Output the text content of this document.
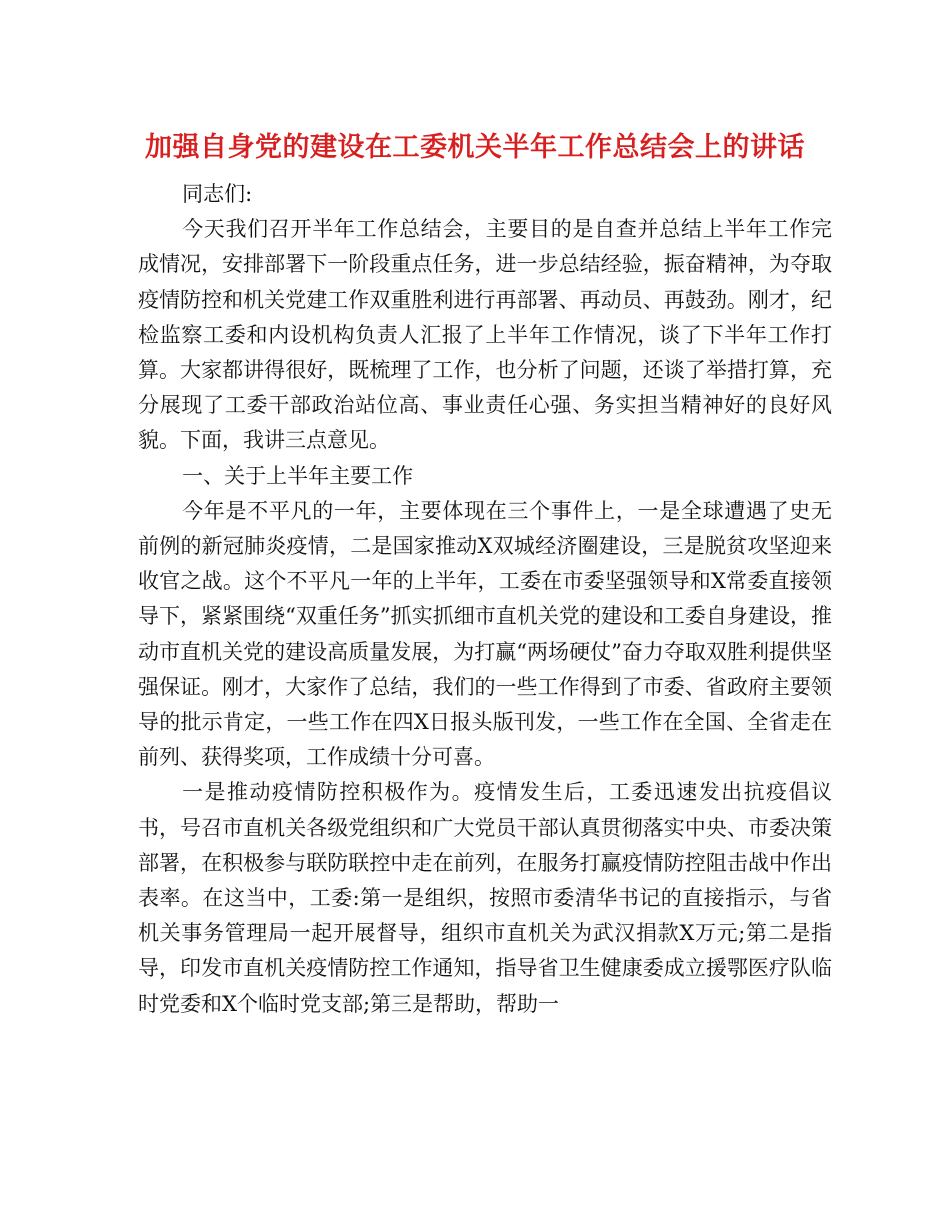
加强自身党的建设在工委机关半年工作总结会上的讲话

同志们:

今天我们召开半年工作总结会，主要目的是自查并总结上半年工作完成情况，安排部署下一阶段重点任务，进一步总结经验，振奋精神，为夺取疫情防控和机关党建工作双重胜利进行再部署、再动员、再鼓劲。刚才，纪检监察工委和内设机构负责人汇报了上半年工作情况，谈了下半年工作打算。大家都讲得很好，既梳理了工作，也分析了问题，还谈了举措打算，充分展现了工委干部政治站位高、事业责任心强、务实担当精神好的良好风貌。下面，我讲三点意见。

一、关于上半年主要工作

今年是不平凡的一年，主要体现在三个事件上，一是全球遭遇了史无前例的新冠肺炎疫情，二是国家推动X双城经济圈建设，三是脱贫攻坚迎来收官之战。这个不平凡一年的上半年，工委在市委坚强领导和X常委直接领导下，紧紧围绕“双重任务”抓实抓细市直机关党的建设和工委自身建设，推动市直机关党的建设高质量发展，为打赢“两场硬仗”奋力夺取双胜利提供坚强保证。刚才，大家作了总结，我们的一些工作得到了市委、省政府主要领导的批示肯定，一些工作在四X日报头版刊发，一些工作在全国、全省走在前列、获得奖项，工作成绩十分可喜。

一是推动疫情防控积极作为。疫情发生后，工委迅速发出抗疫倡议书，号召市直机关各级党组织和广大党员干部认真贯彻落实中央、市委决策部署，在积极参与联防联控中走在前列，在服务打赢疫情防控阻击战中作出表率。在这当中，工委:第一是组织，按照市委清华书记的直接指示，与省机关事务管理局一起开展督导，组织市直机关为武汉捐款X万元;第二是指导，印发市直机关疫情防控工作通知，指导省卫生健康委成立援鄂医疗队临时党委和X个临时党支部;第三是帮助，帮助一
